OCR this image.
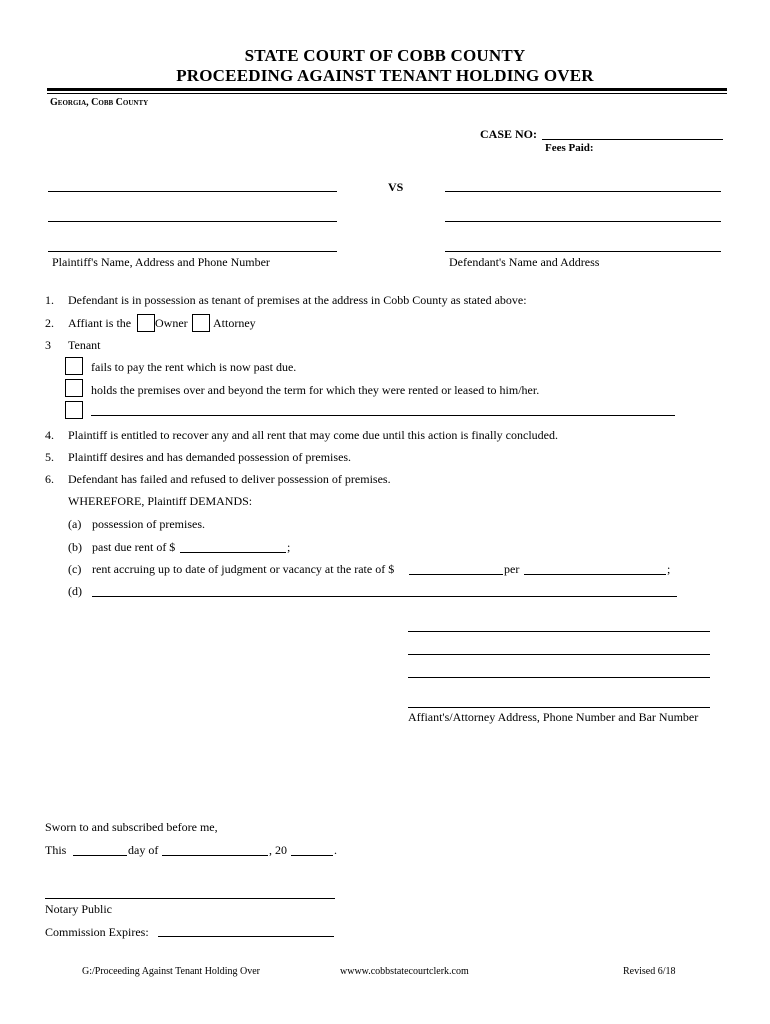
STATE COURT OF COBB COUNTY
PROCEEDING AGAINST TENANT HOLDING OVER
Georgia, Cobb County
CASE NO:
Fees Paid:
VS
Plaintiff's Name, Address and Phone Number	Defendant's Name and Address
1. Defendant is in possession as tenant of premises at the address in Cobb County as stated above:
2. Affiant is the Owner Attorney
3 Tenant
fails to pay the rent which is now past due.
holds the premises over and beyond the term for which they were rented or leased to him/her.
4. Plaintiff is entitled to recover any and all rent that may come due until this action is finally concluded.
5. Plaintiff desires and has demanded possession of premises.
6. Defendant has failed and refused to deliver possession of premises.
WHEREFORE, Plaintiff DEMANDS:
(a) possession of premises.
(b) past due rent of $	;
(c) rent accruing up to date of judgment or vacancy at the rate of $	per	;
(d)
Affiant's/Attorney Address, Phone Number and Bar Number
Sworn to and subscribed before me,
This	day of	, 20	.
Notary Public
Commission Expires:
G:/Proceeding Against Tenant Holding Over	wwww.cobbstatecourtclerk.com	Revised 6/18
